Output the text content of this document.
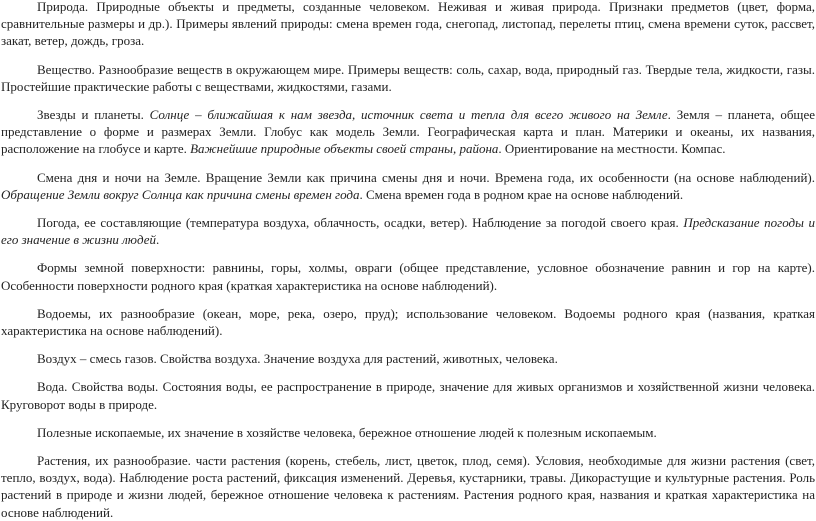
Природа. Природные объекты и предметы, созданные человеком. Неживая и живая природа. Признаки предметов (цвет, форма, сравнительные размеры и др.). Примеры явлений природы: смена времен года, снегопад, листопад, перелеты птиц, смена времени суток, рассвет, закат, ветер, дождь, гроза.

Вещество. Разнообразие веществ в окружающем мире. Примеры веществ: соль, сахар, вода, природный газ. Твердые тела, жидкости, газы. Простейшие практические работы с веществами, жидкостями, газами.

Звезды и планеты. Солнце – ближайшая к нам звезда, источник света и тепла для всего живого на Земле. Земля – планета, общее представление о форме и размерах Земли. Глобус как модель Земли. Географическая карта и план. Материки и океаны, их названия, расположение на глобусе и карте. Важнейшие природные объекты своей страны, района. Ориентирование на местности. Компас.

Смена дня и ночи на Земле. Вращение Земли как причина смены дня и ночи. Времена года, их особенности (на основе наблюдений). Обращение Земли вокруг Солнца как причина смены времен года. Смена времен года в родном крае на основе наблюдений.

Погода, ее составляющие (температура воздуха, облачность, осадки, ветер). Наблюдение за погодой своего края. Предсказание погоды и его значение в жизни людей.

Формы земной поверхности: равнины, горы, холмы, овраги (общее представление, условное обозначение равнин и гор на карте). Особенности поверхности родного края (краткая характеристика на основе наблюдений).

Водоемы, их разнообразие (океан, море, река, озеро, пруд); использование человеком. Водоемы родного края (названия, краткая характеристика на основе наблюдений).

Воздух – смесь газов. Свойства воздуха. Значение воздуха для растений, животных, человека.

Вода. Свойства воды. Состояния воды, ее распространение в природе, значение для живых организмов и хозяйственной жизни человека. Круговорот воды в природе.

Полезные ископаемые, их значение в хозяйстве человека, бережное отношение людей к полезным ископаемым.

Растения, их разнообразие. части растения (корень, стебель, лист, цветок, плод, семя). Условия, необходимые для жизни растения (свет, тепло, воздух, вода). Наблюдение роста растений, фиксация изменений. Деревья, кустарники, травы. Дикорастущие и культурные растения. Роль растений в природе и жизни людей, бережное отношение человека к растениям. Растения родного края, названия и краткая характеристика на основе наблюдений.
